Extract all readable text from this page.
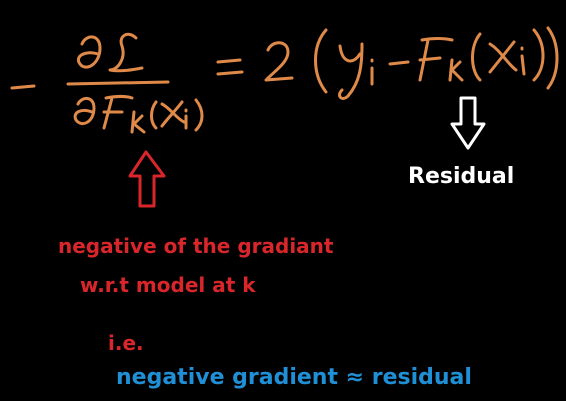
Residual
negative of the gradiant
w.r.t model at k
i.e.
negative gradient ≈ residual
